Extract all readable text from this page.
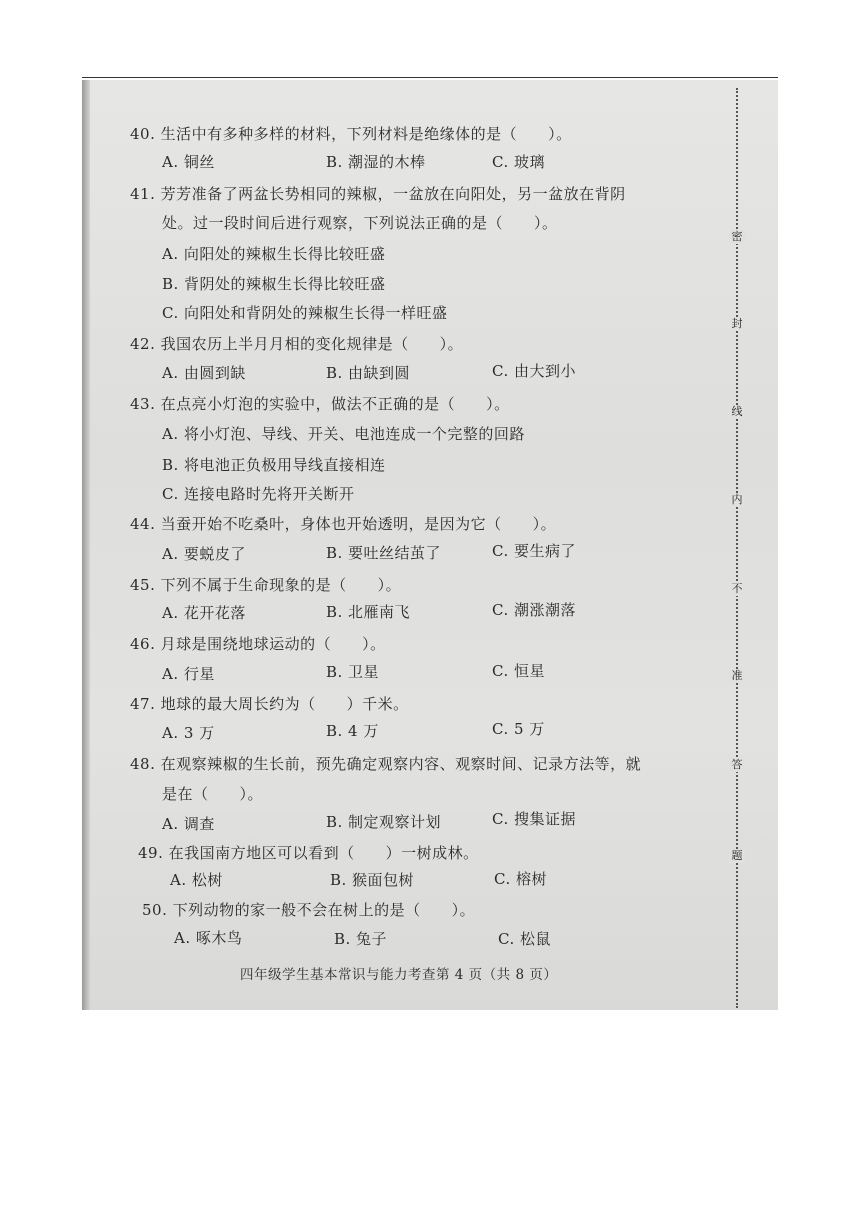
40. 生活中有多种多样的材料，下列材料是绝缘体的是（　　）。
A. 铜丝	B. 潮湿的木棒	C. 玻璃
41. 芳芳准备了两盆长势相同的辣椒，一盆放在向阳处，另一盆放在背阴
处。过一段时间后进行观察，下列说法正确的是（　　）。
A. 向阳处的辣椒生长得比较旺盛
B. 背阴处的辣椒生长得比较旺盛
C. 向阳处和背阴处的辣椒生长得一样旺盛
42. 我国农历上半月月相的变化规律是（　　）。
A. 由圆到缺	B. 由缺到圆	C. 由大到小
43. 在点亮小灯泡的实验中，做法不正确的是（　　）。
A. 将小灯泡、导线、开关、电池连成一个完整的回路
B. 将电池正负极用导线直接相连
C. 连接电路时先将开关断开
44. 当蚕开始不吃桑叶，身体也开始透明，是因为它（　　）。
A. 要蜕皮了	B. 要吐丝结茧了	C. 要生病了
45. 下列不属于生命现象的是（　　）。
A. 花开花落	B. 北雁南飞	C. 潮涨潮落
46. 月球是围绕地球运动的（　　）。
A. 行星	B. 卫星	C. 恒星
47. 地球的最大周长约为（　　）千米。
A. 3 万	B. 4 万	C. 5 万
48. 在观察辣椒的生长前，预先确定观察内容、观察时间、记录方法等，就
是在（　　）。
A. 调查	B. 制定观察计划	C. 搜集证据
49. 在我国南方地区可以看到（　　）一树成林。
A. 松树	B. 猴面包树	C. 榕树
50. 下列动物的家一般不会在树上的是（　　）。
A. 啄木鸟	B. 兔子	C. 松鼠
四年级学生基本常识与能力考查第 4 页（共 8 页）
密
封
线
内
不
准
答
题
